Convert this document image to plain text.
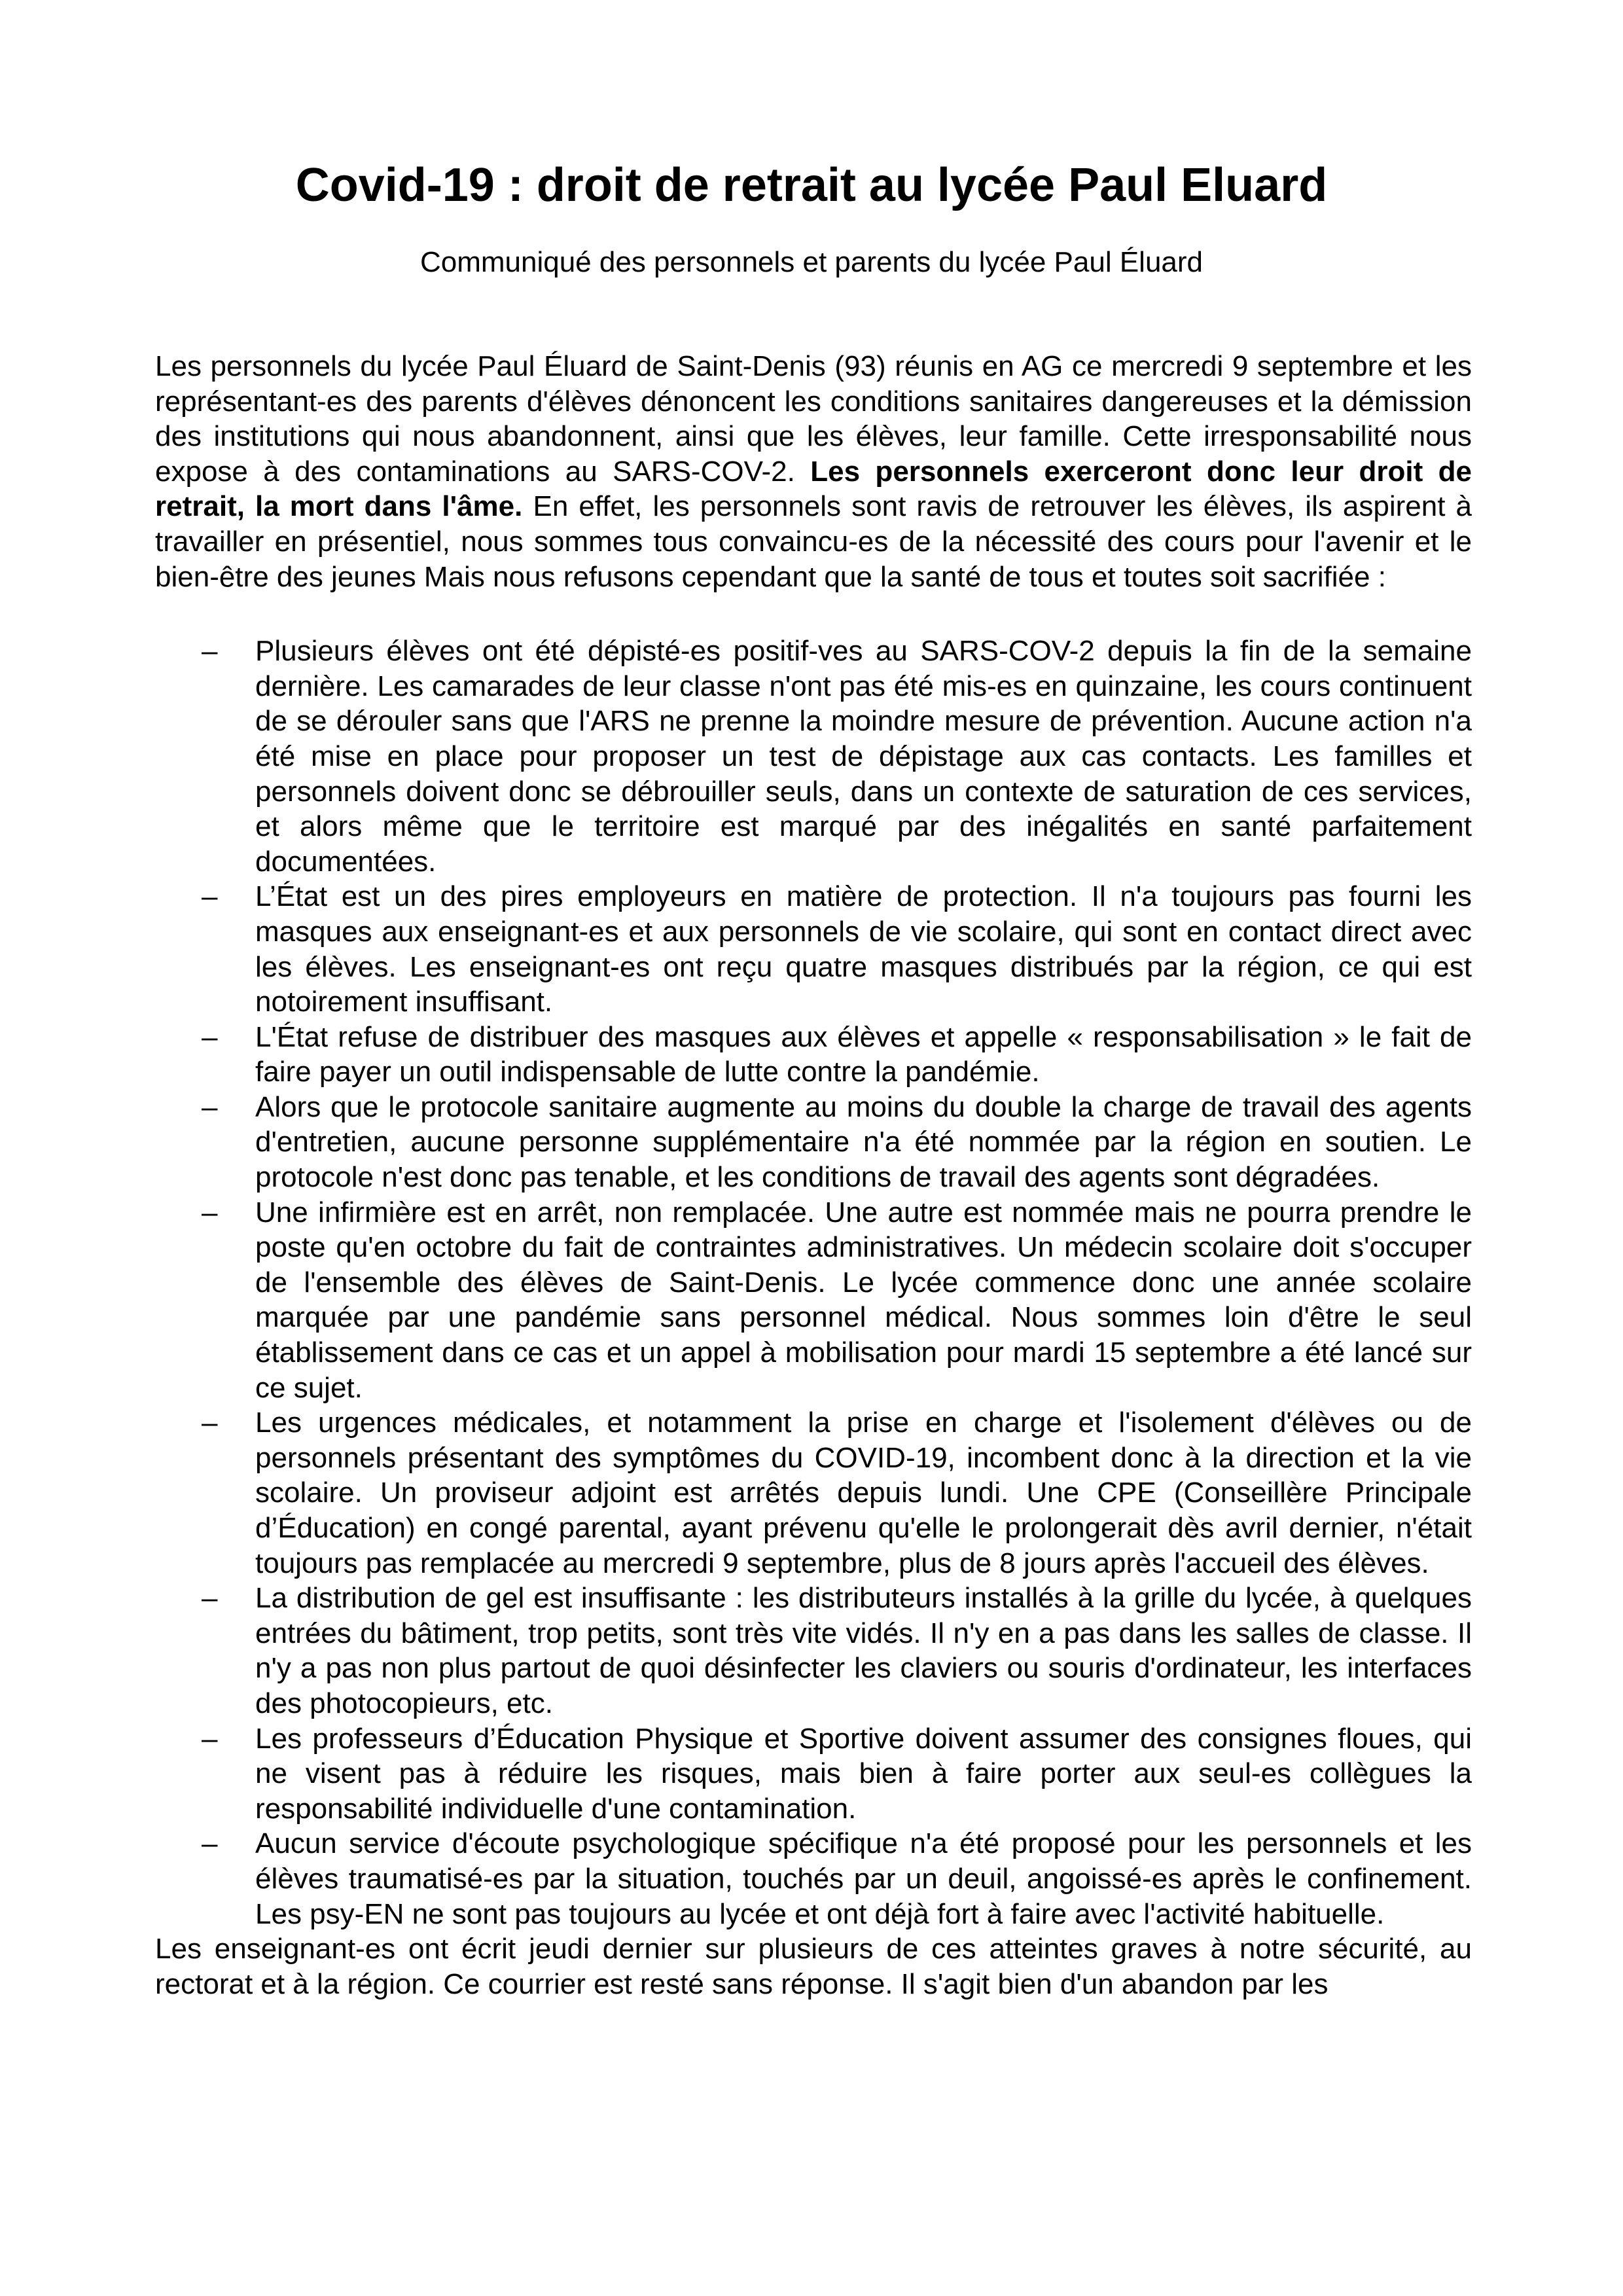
Covid-19 : droit de retrait au lycée Paul Eluard

Communiqué des personnels et parents du lycée Paul Éluard

Les personnels du lycée Paul Éluard de Saint-Denis (93) réunis en AG ce mercredi 9 septembre et les représentant-es des parents d'élèves dénoncent les conditions sanitaires dangereuses et la démission des institutions qui nous abandonnent, ainsi que les élèves, leur famille. Cette irresponsabilité nous expose à des contaminations au SARS-COV-2. Les personnels exerceront donc leur droit de retrait, la mort dans l'âme. En effet, les personnels sont ravis de retrouver les élèves, ils aspirent à travailler en présentiel, nous sommes tous convaincu-es de la nécessité des cours pour l'avenir et le bien-être des jeunes Mais nous refusons cependant que la santé de tous et toutes soit sacrifiée :

– Plusieurs élèves ont été dépisté-es positif-ves au SARS-COV-2 depuis la fin de la semaine dernière. Les camarades de leur classe n'ont pas été mis-es en quinzaine, les cours continuent de se dérouler sans que l'ARS ne prenne la moindre mesure de prévention. Aucune action n'a été mise en place pour proposer un test de dépistage aux cas contacts. Les familles et personnels doivent donc se débrouiller seuls, dans un contexte de saturation de ces services, et alors même que le territoire est marqué par des inégalités en santé parfaitement documentées.
– L’État est un des pires employeurs en matière de protection. Il n'a toujours pas fourni les masques aux enseignant-es et aux personnels de vie scolaire, qui sont en contact direct avec les élèves. Les enseignant-es ont reçu quatre masques distribués par la région, ce qui est notoirement insuffisant.
– L'État refuse de distribuer des masques aux élèves et appelle « responsabilisation » le fait de faire payer un outil indispensable de lutte contre la pandémie.
– Alors que le protocole sanitaire augmente au moins du double la charge de travail des agents d'entretien, aucune personne supplémentaire n'a été nommée par la région en soutien. Le protocole n'est donc pas tenable, et les conditions de travail des agents sont dégradées.
– Une infirmière est en arrêt, non remplacée. Une autre est nommée mais ne pourra prendre le poste qu'en octobre du fait de contraintes administratives. Un médecin scolaire doit s'occuper de l'ensemble des élèves de Saint-Denis. Le lycée commence donc une année scolaire marquée par une pandémie sans personnel médical. Nous sommes loin d'être le seul établissement dans ce cas et un appel à mobilisation pour mardi 15 septembre a été lancé sur ce sujet.
– Les urgences médicales, et notamment la prise en charge et l'isolement d'élèves ou de personnels présentant des symptômes du COVID-19, incombent donc à la direction et la vie scolaire. Un proviseur adjoint est arrêtés depuis lundi. Une CPE (Conseillère Principale d’Éducation) en congé parental, ayant prévenu qu'elle le prolongerait dès avril dernier, n'était toujours pas remplacée au mercredi 9 septembre, plus de 8 jours après l'accueil des élèves.
– La distribution de gel est insuffisante : les distributeurs installés à la grille du lycée, à quelques entrées du bâtiment, trop petits, sont très vite vidés. Il n'y en a pas dans les salles de classe. Il n'y a pas non plus partout de quoi désinfecter les claviers ou souris d'ordinateur, les interfaces des photocopieurs, etc.
– Les professeurs d’Éducation Physique et Sportive doivent assumer des consignes floues, qui ne visent pas à réduire les risques, mais bien à faire porter aux seul-es collègues la responsabilité individuelle d'une contamination.
– Aucun service d'écoute psychologique spécifique n'a été proposé pour les personnels et les élèves traumatisé-es par la situation, touchés par un deuil, angoissé-es après le confinement. Les psy-EN ne sont pas toujours au lycée et ont déjà fort à faire avec l'activité habituelle.

Les enseignant-es ont écrit jeudi dernier sur plusieurs de ces atteintes graves à notre sécurité, au rectorat et à la région. Ce courrier est resté sans réponse. Il s'agit bien d'un abandon par les
